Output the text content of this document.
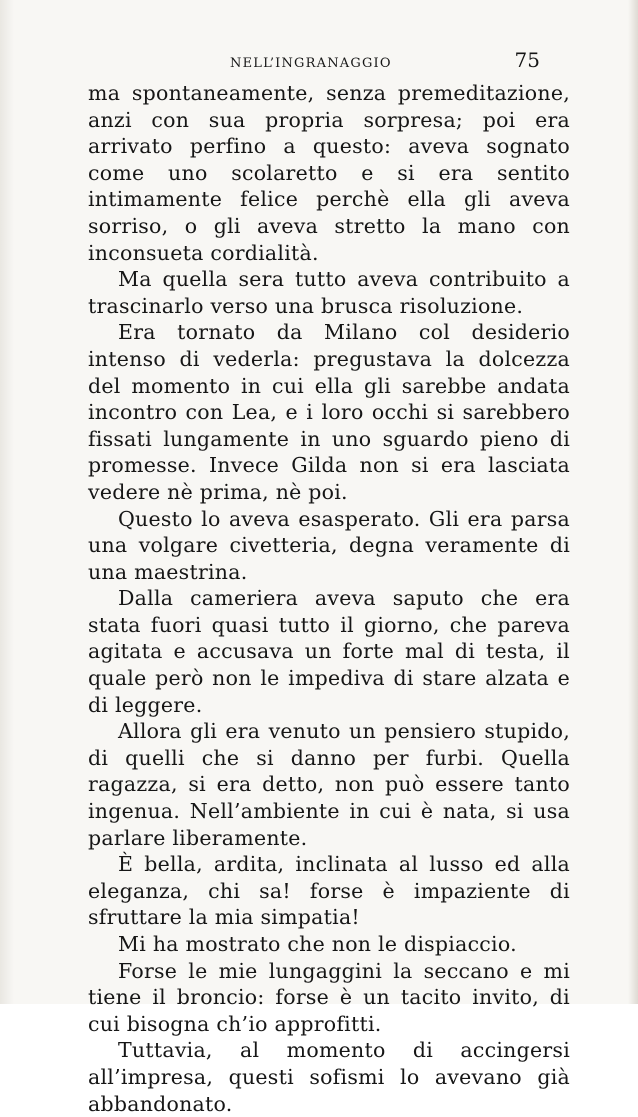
NELL’INGRANAGGIO	75

ma spontaneamente, senza premeditazione, anzi con sua propria sorpresa; poi era arrivato perfino a questo: aveva sognato come uno scolaretto e si era sentito intimamente felice perchè ella gli aveva sorriso, o gli aveva stretto la mano con inconsueta cordialità.

Ma quella sera tutto aveva contribuito a trascinarlo verso una brusca risoluzione.

Era tornato da Milano col desiderio intenso di vederla: pregustava la dolcezza del momento in cui ella gli sarebbe andata incontro con Lea, e i loro occhi si sarebbero fissati lungamente in uno sguardo pieno di promesse. Invece Gilda non si era lasciata vedere nè prima, nè poi.

Questo lo aveva esasperato. Gli era parsa una volgare civetteria, degna veramente di una maestrina.

Dalla cameriera aveva saputo che era stata fuori quasi tutto il giorno, che pareva agitata e accusava un forte mal di testa, il quale però non le impediva di stare alzata e di leggere.

Allora gli era venuto un pensiero stupido, di quelli che si danno per furbi. Quella ragazza, si era detto, non può essere tanto ingenua. Nell’ambiente in cui è nata, si usa parlare liberamente.

È bella, ardita, inclinata al lusso ed alla eleganza, chi sa! forse è impaziente di sfruttare la mia simpatia!

Mi ha mostrato che non le dispiaccio.

Forse le mie lungaggini la seccano e mi tiene il broncio: forse è un tacito invito, di cui bisogna ch’io approfitti.

Tuttavia, al momento di accingersi all’impresa, questi sofismi lo avevano già abbandonato.
